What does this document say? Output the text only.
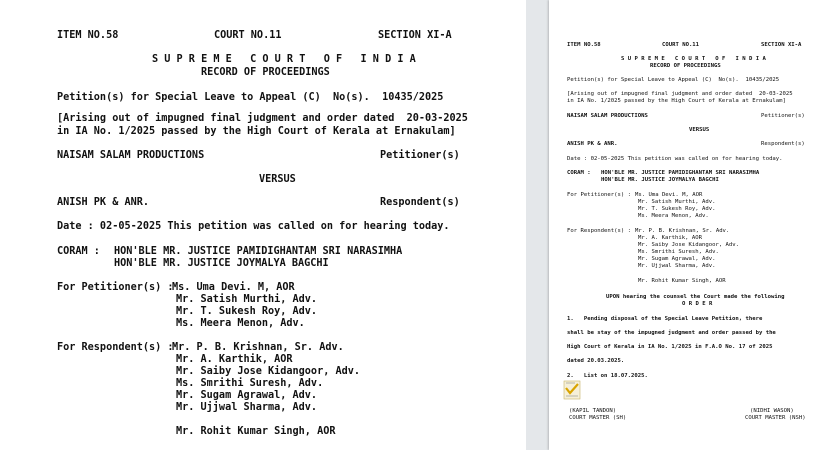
ITEM NO.58	COURT NO.11	SECTION XI-A
S U P R E M E   C O U R T   O F   I N D I A
RECORD OF PROCEEDINGS
Petition(s) for Special Leave to Appeal (C)  No(s).  10435/2025
[Arising out of impugned final judgment and order dated  20-03-2025
in IA No. 1/2025 passed by the High Court of Kerala at Ernakulam]
NAISAM SALAM PRODUCTIONS	Petitioner(s)
VERSUS
ANISH PK & ANR.	Respondent(s)
Date : 02-05-2025 This petition was called on for hearing today.
CORAM : HON'BLE MR. JUSTICE PAMIDIGHANTAM SRI NARASIMHA
HON'BLE MR. JUSTICE JOYMALYA BAGCHI
For Petitioner(s) :
Ms. Uma Devi. M, AOR
Mr. Satish Murthi, Adv.
Mr. T. Sukesh Roy, Adv.
Ms. Meera Menon, Adv.
For Respondent(s) :
Mr. P. B. Krishnan, Sr. Adv.
Mr. A. Karthik, AOR
Mr. Saiby Jose Kidangoor, Adv.
Ms. Smrithi Suresh, Adv.
Mr. Sugam Agrawal, Adv.
Mr. Ujjwal Sharma, Adv.
Mr. Rohit Kumar Singh, AOR
ITEM NO.58	COURT NO.11	SECTION XI-A
S U P R E M E   C O U R T   O F   I N D I A
RECORD OF PROCEEDINGS
Petition(s) for Special Leave to Appeal (C)  No(s).  10435/2025
[Arising out of impugned final judgment and order dated  20-03-2025
in IA No. 1/2025 passed by the High Court of Kerala at Ernakulam]
NAISAM SALAM PRODUCTIONS	Petitioner(s)
VERSUS
ANISH PK & ANR.	Respondent(s)
Date : 02-05-2025 This petition was called on for hearing today.
CORAM : HON'BLE MR. JUSTICE PAMIDIGHANTAM SRI NARASIMHA
HON'BLE MR. JUSTICE JOYMALYA BAGCHI
For Petitioner(s) : Ms. Uma Devi. M, AOR
Mr. Satish Murthi, Adv.
Mr. T. Sukesh Roy, Adv.
Ms. Meera Menon, Adv.
For Respondent(s) : Mr. P. B. Krishnan, Sr. Adv.
Mr. A. Karthik, AOR
Mr. Saiby Jose Kidangoor, Adv.
Ms. Smrithi Suresh, Adv.
Mr. Sugam Agrawal, Adv.
Mr. Ujjwal Sharma, Adv.
Mr. Rohit Kumar Singh, AOR
UPON hearing the counsel the Court made the following
O R D E R
1.   Pending disposal of the Special Leave Petition, there
shall be stay of the impugned judgment and order passed by the
High Court of Kerala in IA No. 1/2025 in F.A.O No. 17 of 2025
dated 20.03.2025.
2.   List on 18.07.2025.
(KAPIL TANDON)
COURT MASTER (SH)
(NIDHI WASON)
COURT MASTER (NSH)
